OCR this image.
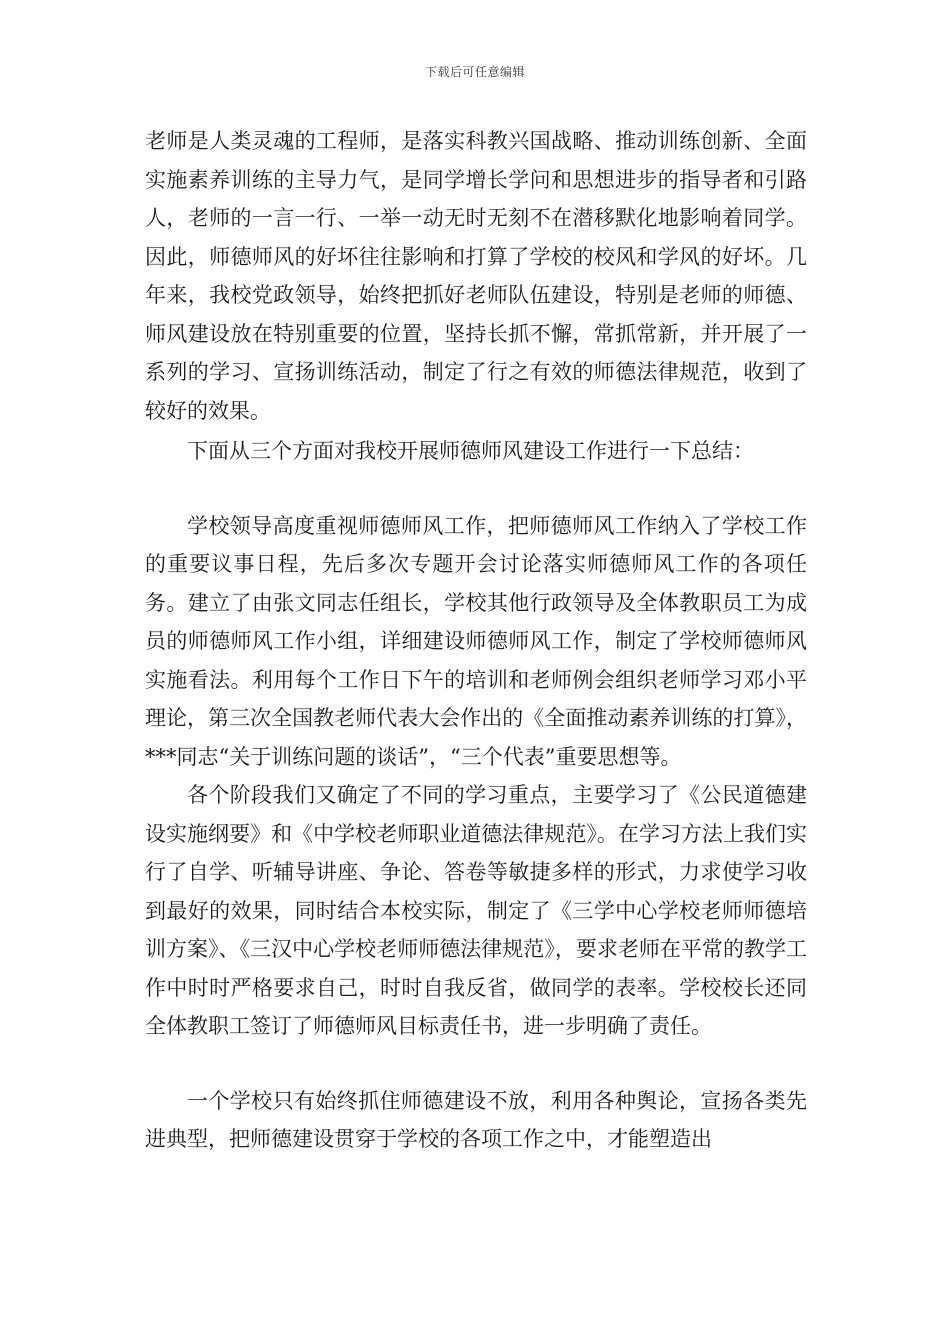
下载后可任意编辑

老师是人类灵魂的工程师，是落实科教兴国战略、推动训练创新、全面实施素养训练的主导力气，是同学增长学问和思想进步的指导者和引路人，老师的一言一行、一举一动无时无刻不在潜移默化地影响着同学。因此，师德师风的好坏往往影响和打算了学校的校风和学风的好坏。几年来，我校党政领导，始终把抓好老师队伍建设，特别是老师的师德、师风建设放在特别重要的位置，坚持长抓不懈，常抓常新，并开展了一系列的学习、宣扬训练活动，制定了行之有效的师德法律规范，收到了较好的效果。

下面从三个方面对我校开展师德师风建设工作进行一下总结：

学校领导高度重视师德师风工作，把师德师风工作纳入了学校工作的重要议事日程，先后多次专题开会讨论落实师德师风工作的各项任务。建立了由张文同志任组长，学校其他行政领导及全体教职员工为成员的师德师风工作小组，详细建设师德师风工作，制定了学校师德师风实施看法。利用每个工作日下午的培训和老师例会组织老师学习邓小平理论，第三次全国教老师代表大会作出的《全面推动素养训练的打算》，***同志“关于训练问题的谈话”，“三个代表”重要思想等。

各个阶段我们又确定了不同的学习重点，主要学习了《公民道德建设实施纲要》和《中学校老师职业道德法律规范》。在学习方法上我们实行了自学、听辅导讲座、争论、答卷等敏捷多样的形式，力求使学习收到最好的效果，同时结合本校实际，制定了《三学中心学校老师师德培训方案》、《三汉中心学校老师师德法律规范》，要求老师在平常的教学工作中时时严格要求自己，时时自我反省，做同学的表率。学校校长还同全体教职工签订了师德师风目标责任书，进一步明确了责任。

一个学校只有始终抓住师德建设不放，利用各种舆论，宣扬各类先进典型，把师德建设贯穿于学校的各项工作之中，才能塑造出
